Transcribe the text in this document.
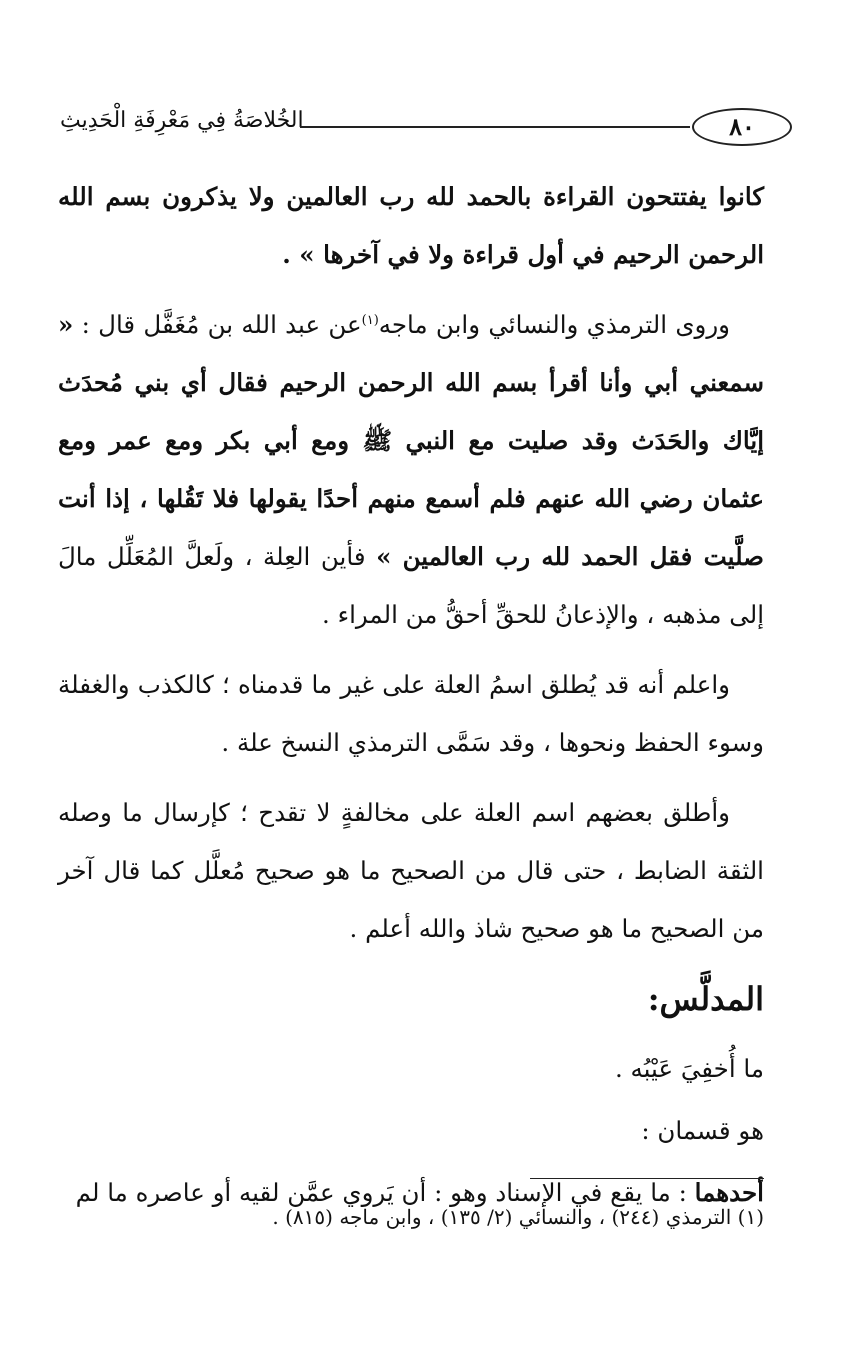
الخُلاصَةُ فِي مَعْرِفَةِ الْحَدِيثِ	٨٠

كانوا يفتتحون القراءة بالحمد لله رب العالمين ولا يذكرون بسم الله الرحمن الرحيم في أول قراءة ولا في آخرها » .

وروى الترمذي والنسائي وابن ماجه$^{(١)}$عن عبد الله بن مُغَفَّل قال : « سمعني أبي وأنا أقرأ بسم الله الرحمن الرحيم فقال أي بني مُحدَث إيَّاك والحَدَث وقد صليت مع النبي ﷺ ومع أبي بكر ومع عمر ومع عثمان رضي الله عنهم فلم أسمع منهم أحدًا يقولها فلا تَقُلها ، إذا أنت صلَّيت فقل الحمد لله رب العالمين » فأين العِلة ، ولَعلَّ المُعَلِّل مالَ إلى مذهبه ، والإذعانُ للحقِّ أحقُّ من المراء .

واعلم أنه قد يُطلق اسمُ العلة على غير ما قدمناه ؛ كالكذب والغفلة وسوء الحفظ ونحوها ، وقد سَمَّى الترمذي النسخ علة .

وأطلق بعضهم اسم العلة على مخالفةٍ لا تقدح ؛ كإرسال ما وصله الثقة الضابط ، حتى قال من الصحيح ما هو صحيح مُعلَّل كما قال آخر من الصحيح ما هو صحيح شاذ والله أعلم .

المدلَّس:

ما أُخفِيَ عَيْبُه .

هو قسمان :

أحدهما : ما يقع في الإسناد وهو : أن يَروي عمَّن لقيه أو عاصره ما لم

(١) الترمذي (٢٤٤) ، والنسائي (٢/ ١٣٥) ، وابن ماجه (٨١٥) .
